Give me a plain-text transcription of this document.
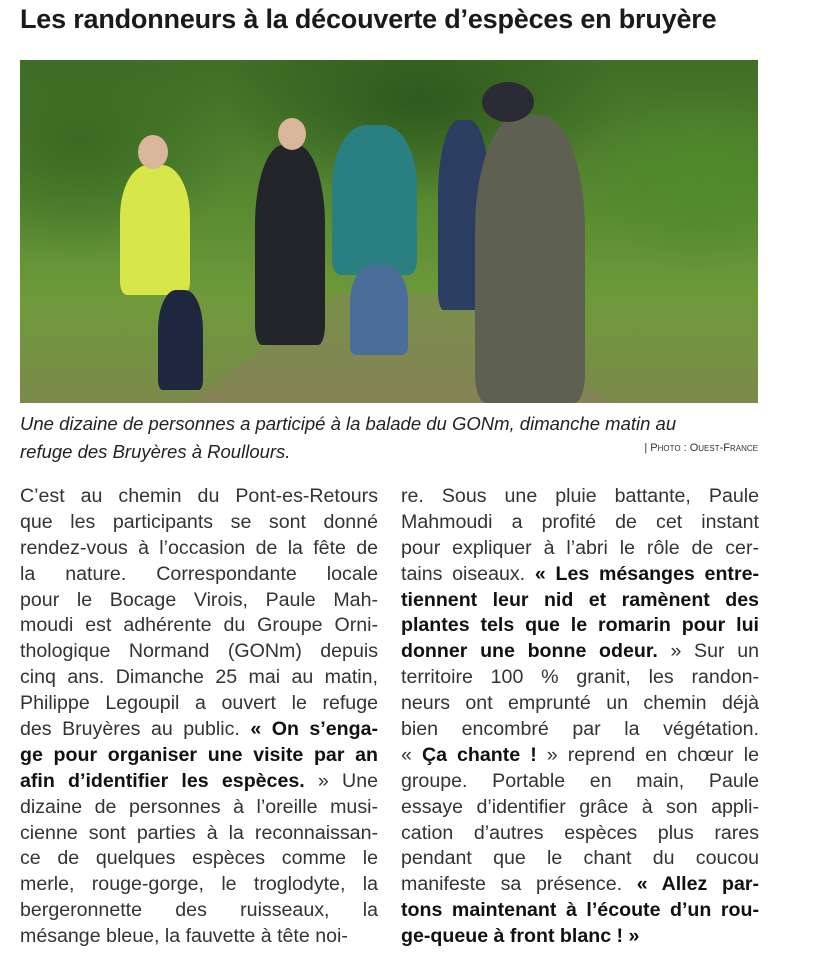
Les randonneurs à la découverte d’espèces en bruyère
Une dizaine de personnes a participé à la balade du GONm, dimanche matin au
refuge des Bruyères à Roullours.	| Photo : Ouest-France
C’est au chemin du Pont-es-Retours
que les participants se sont donné
rendez-vous à l’occasion de la fête de
la nature. Correspondante locale
pour le Bocage Virois, Paule Mah-
moudi est adhérente du Groupe Orni-
thologique Normand (GONm) depuis
cinq ans. Dimanche 25 mai au matin,
Philippe Legoupil a ouvert le refuge
des Bruyères au public. « On s’enga-
ge pour organiser une visite par an
afin d’identifier les espèces. » Une
dizaine de personnes à l’oreille musi-
cienne sont parties à la reconnaissan-
ce de quelques espèces comme le
merle, rouge-gorge, le troglodyte, la
bergeronnette des ruisseaux, la
mésange bleue, la fauvette à tête noi-
re. Sous une pluie battante, Paule
Mahmoudi a profité de cet instant
pour expliquer à l’abri le rôle de cer-
tains oiseaux. « Les mésanges entre-
tiennent leur nid et ramènent des
plantes tels que le romarin pour lui
donner une bonne odeur. » Sur un
territoire 100 % granit, les randon-
neurs ont emprunté un chemin déjà
bien encombré par la végétation.
« Ça chante ! » reprend en chœur le
groupe. Portable en main, Paule
essaye d’identifier grâce à son appli-
cation d’autres espèces plus rares
pendant que le chant du coucou
manifeste sa présence. « Allez par-
tons maintenant à l’écoute d’un rou-
ge-queue à front blanc ! »
